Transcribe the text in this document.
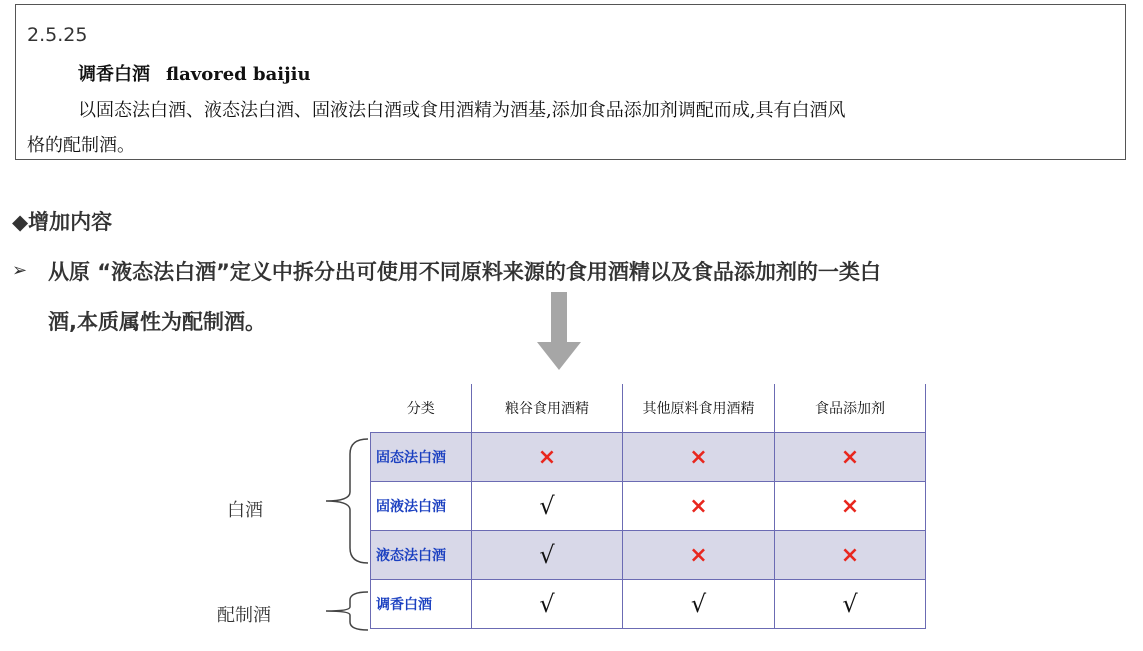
2.5.25
调香白酒 flavored baijiu
以固态法白酒、液态法白酒、固液法白酒或食用酒精为酒基,添加食品添加剂调配而成,具有白酒风
格的配制酒。
◆增加内容
➢ 从原 “液态法白酒”定义中拆分出可使用不同原料来源的食用酒精以及食品添加剂的一类白
酒,本质属性为配制酒。
分类	粮谷食用酒精	其他原料食用酒精	食品添加剂
固态法白酒	×	×	×
固液法白酒	√	×	×
液态法白酒	√	×	×
调香白酒	√	√	√
白酒
配制酒
